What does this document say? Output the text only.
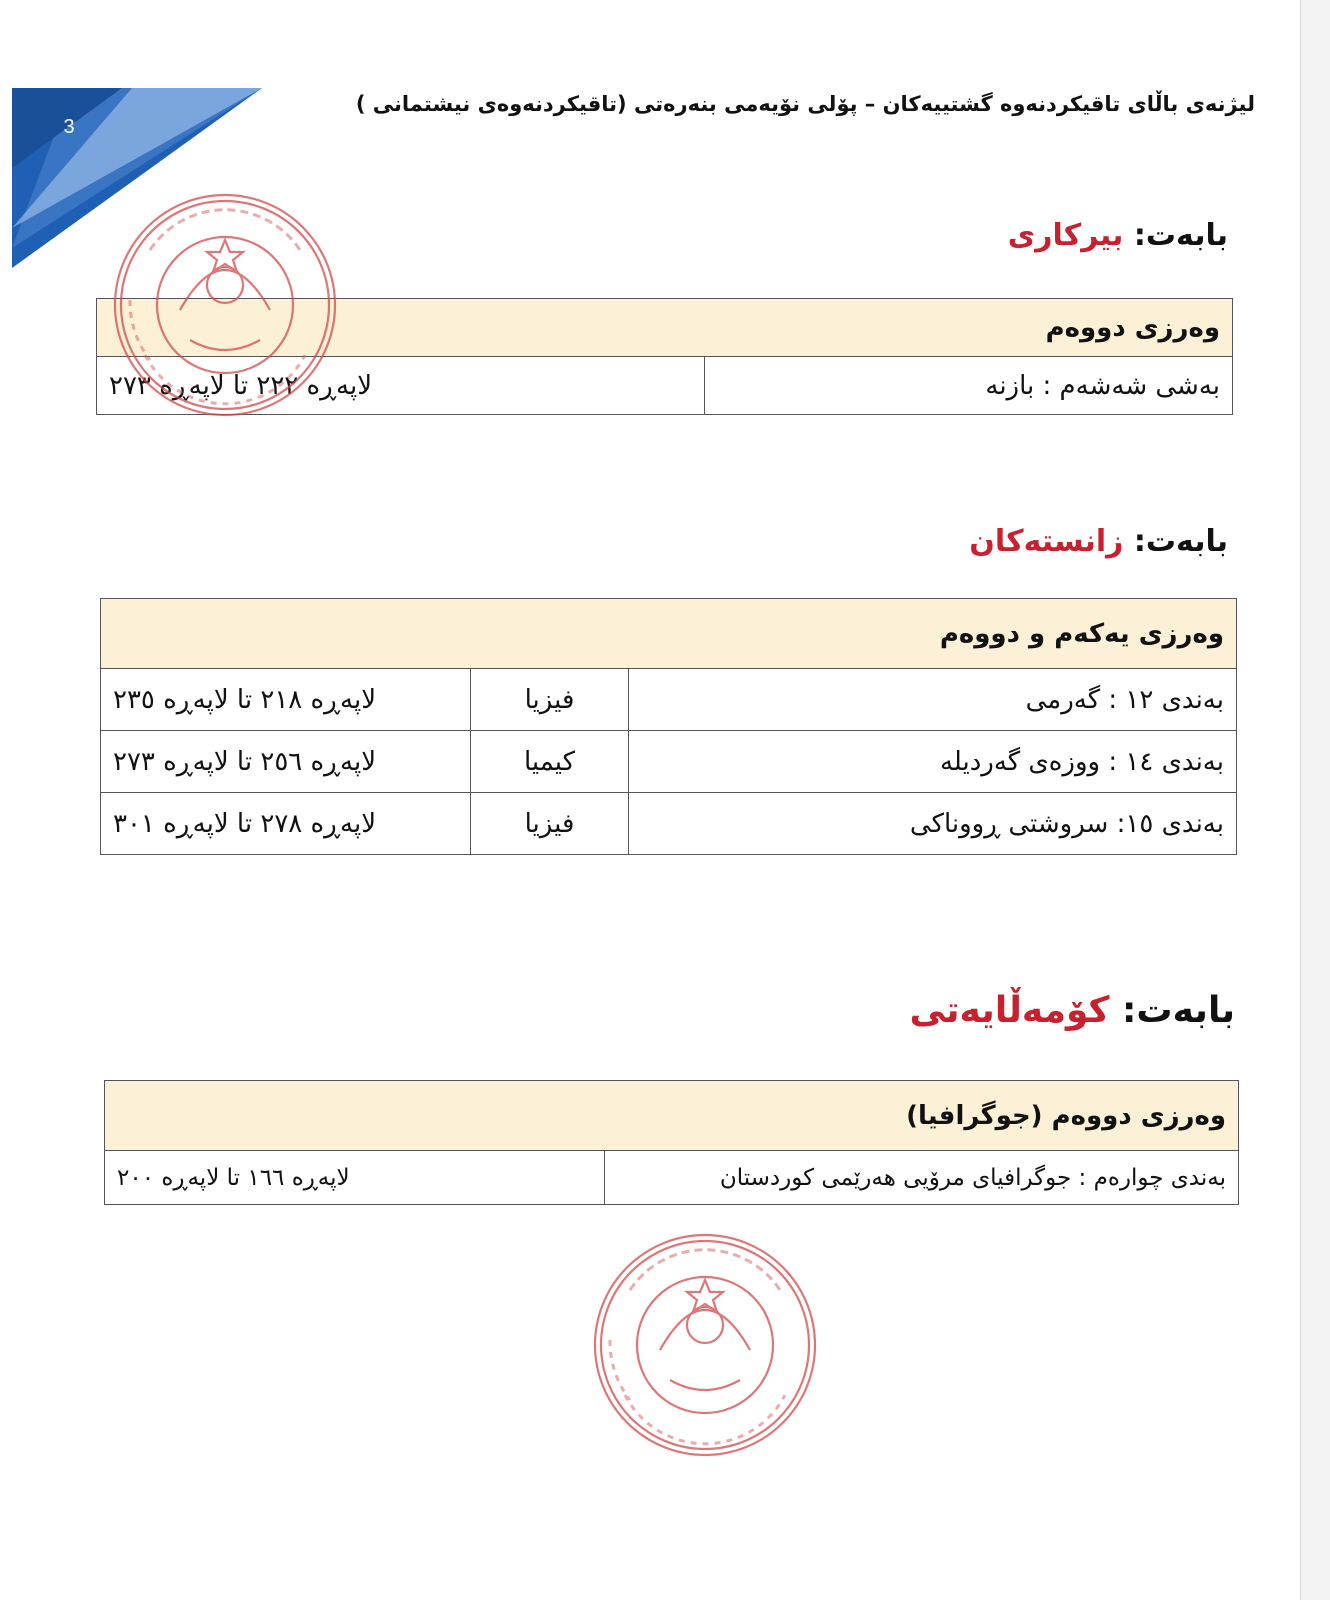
3
لیژنەی باڵای تاقیکردنەوە گشتییەکان – پۆلی نۆیەمی بنەرەتی (تاقیکردنەوەی نیشتمانی )
بابەت: بیرکاری
وەرزی دووەم
بەشی شەشەم : بازنە	لاپەڕە ٢٢٢ تا لاپەڕە ٢٧٣
بابەت: زانستەکان
وەرزی یەکەم و دووەم		
بەندی ١٢ : گەرمی	فیزیا	لاپەڕە ٢١٨ تا لاپەڕە ٢٣٥
بەندی ١٤ : ووزەی گەردیلە	کیمیا	لاپەڕە ٢٥٦ تا لاپەڕە ٢٧٣
بەندی ١٥: سروشتی ڕووناکی	فیزیا	لاپەڕە ٢٧٨ تا لاپەڕە ٣٠١
بابەت: کۆمەڵایەتی
وەرزی دووەم (جوگرافیا)
بەندی چوارەم : جوگرافیای مرۆیی هەرێمی کوردستان	لاپەڕە ١٦٦ تا لاپەڕە ٢٠٠
